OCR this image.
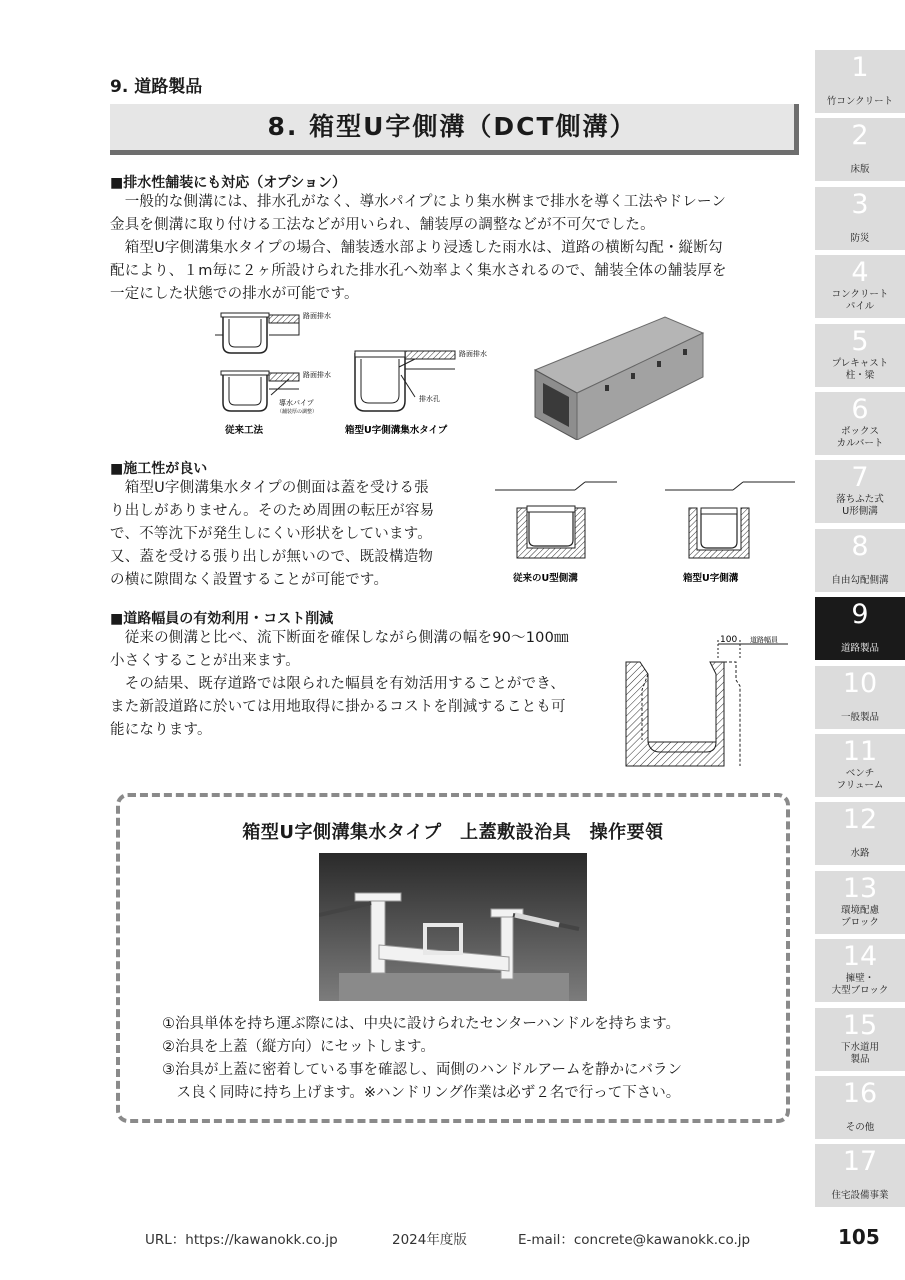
9. 道路製品
8. 箱型U字側溝（DCT側溝）
■排水性舗装にも対応（オプション）

　一般的な側溝には、排水孔がなく、導水パイプにより集水桝まで排水を導く工法やドレーン

金具を側溝に取り付ける工法などが用いられ、舗装厚の調整などが不可欠でした。

　箱型U字側溝集水タイプの場合、舗装透水部より浸透した雨水は、道路の横断勾配・縦断勾

配により、１m毎に２ヶ所設けられた排水孔へ効率よく集水されるので、舗装全体の舗装厚を

一定にした状態での排水が可能です。

路面排水
路面排水
導水パイプ
（舗装厚の調整）
従来工法
路面排水
排水孔
箱型U字側溝集水タイプ
■施工性が良い

　箱型U字側溝集水タイプの側面は蓋を受ける張

り出しがありません。そのため周囲の転圧が容易

で、不等沈下が発生しにくい形状をしています。

又、蓋を受ける張り出しが無いので、既設構造物

の横に隙間なく設置することが可能です。	従来のU型側溝	箱型U字側溝
■道路幅員の有効利用・コスト削減

　従来の側溝と比べ、流下断面を確保しながら側溝の幅を90〜100㎜

小さくすることが出来ます。

　その結果、既存道路では限られた幅員を有効活用することができ、

また新設道路に於いては用地取得に掛かるコストを削減することも可

能になります。

100 道路幅員
箱型U字側溝集水タイプ　上蓋敷設治具　操作要領
①治具単体を持ち運ぶ際には、中央に設けられたセンターハンドルを持ちます。
②治具を上蓋（縦方向）にセットします。
③治具が上蓋に密着している事を確認し、両側のハンドルアームを静かにバラン
　ス良く同時に持ち上げます。※ハンドリング作業は必ず２名で行って下さい。
1
竹コンクリート
2
床版
3
防災
4
コンクリート
パイル
5
プレキャスト
柱・梁
6
ボックス
カルバート
7
落ちふた式
U形側溝
8
自由勾配側溝
9
道路製品
10
一般製品
11
ベンチ
フリューム
12
水路
13
環境配慮
ブロック
14
擁壁・
大型ブロック
15
下水道用
製品
16
その他
17
住宅設備事業
URL：https://kawanokk.co.jp	2024年度版	E-mail：concrete@kawanokk.co.jp	105
